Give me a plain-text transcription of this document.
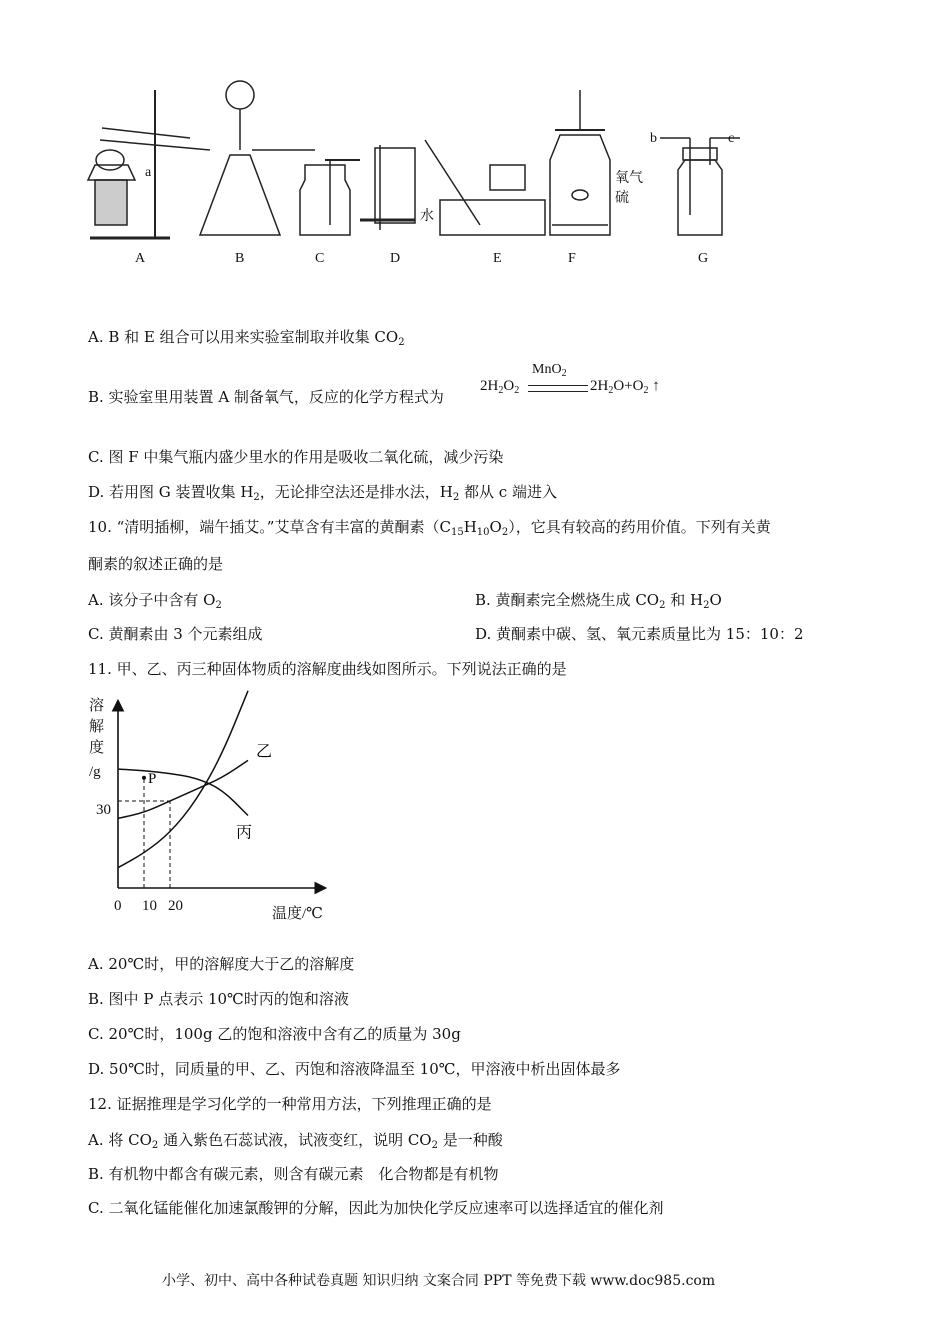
A	B	C	D	E	F	G
a
水
氧气
硫
b	c
A. B 和 E 组合可以用来实验室制取并收集 $CO_2$
B. 实验室里用装置 A 制备氧气，反应的化学方程式为
MnO$_2$
$2H_2O_2$	$2H_2O+O_2$ ↑
C. 图 F 中集气瓶内盛少里水的作用是吸收二氧化硫，减少污染
D. 若用图 G 装置收集 $H_2$，无论排空法还是排水法，$H_2$ 都从 c 端进入
10. “清明插柳，端午插艾。”艾草含有丰富的黄酮素$(C_{15}H_{10}O_2)$，它具有较高的药用价值。下列有关黄
酮素的叙述正确的是
A. 该分子中含有 $O_2$	B. 黄酮素完全燃烧生成 $CO_2$ 和 $H_2O$
C. 黄酮素由 3 个元素组成	D. 黄酮素中碳、氢、氧元素质量比为 15：10：2
11. 甲、乙、丙三种固体物质的溶解度曲线如图所示。下列说法正确的是
乙
丙
P
溶
解
度
/g
温度/℃
0 10 20
30
A. 20℃时，甲的溶解度大于乙的溶解度
B. 图中 P 点表示 10℃时丙的饱和溶液
C. 20℃时，100g 乙的饱和溶液中含有乙的质量为 30g
D. 50℃时，同质量的甲、乙、丙饱和溶液降温至 10℃，甲溶液中析出固体最多
12. 证据推理是学习化学的一种常用方法，下列推理正确的是
A. 将 $CO_2$ 通入紫色石蕊试液，试液变红，说明 $CO_2$ 是一种酸
B. 有机物中都含有碳元素，则含有碳元素　化合物都是有机物
C. 二氧化锰能催化加速氯酸钾的分解，因此为加快化学反应速率可以选择适宜的催化剂
小学、初中、高中各种试卷真题 知识归纳 文案合同 PPT 等免费下载 www.doc985.com
